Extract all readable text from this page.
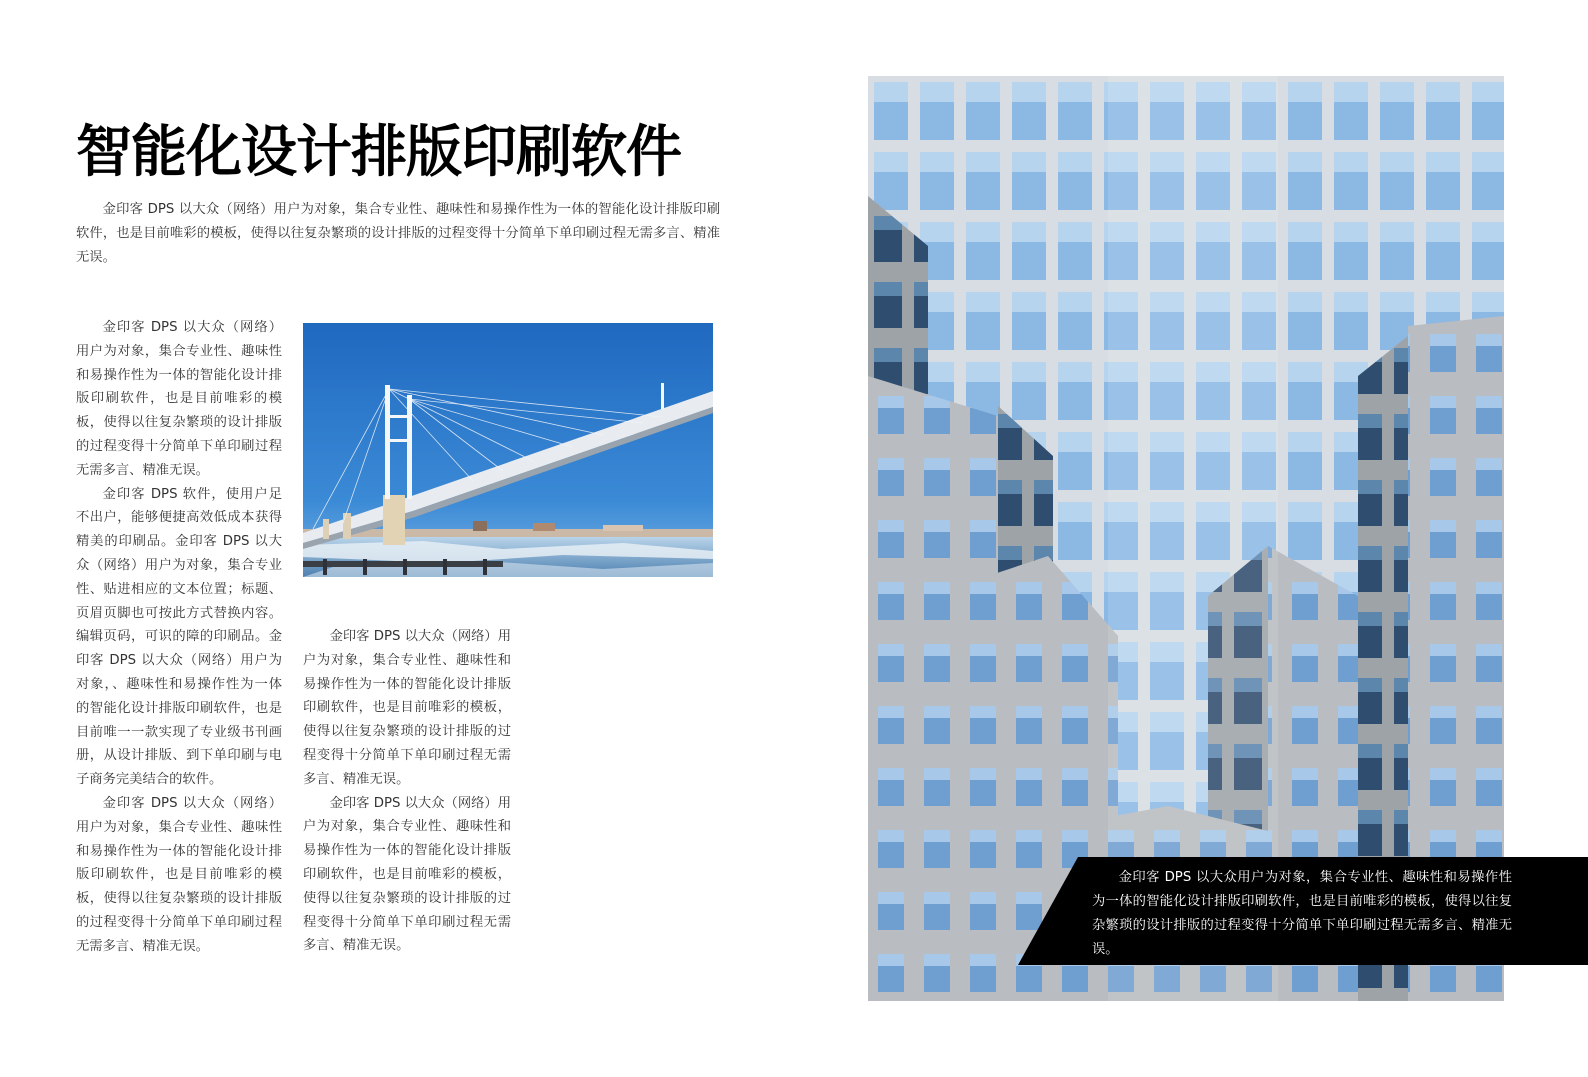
智能化设计排版印刷软件

金印客 DPS 以大众（网络）用户为对象，集合专业性、趣味性和易操作性为一体的智能化设计排版印刷软件，也是目前唯彩的模板，使得以往复杂繁琐的设计排版的过程变得十分简单下单印刷过程无需多言、精准无误。

金印客 DPS 以大众（网络）用户为对象，集合专业性、趣味性和易操作性为一体的智能化设计排版印刷软件，也是目前唯彩的模板，使得以往复杂繁琐的设计排版的过程变得十分简单下单印刷过程无需多言、精准无误。

金印客 DPS 软件，使用户足不出户，能够便捷高效低成本获得精美的印刷品。金印客 DPS 以大众（网络）用户为对象，集合专业性、贴进相应的文本位置；标题、页眉页脚也可按此方式替换内容。编辑页码，可识的障的印刷品。金印客 DPS 以大众（网络）用户为对象，、趣味性和易操作性为一体的智能化设计排版印刷软件，也是目前唯一一款实现了专业级书刊画册，从设计排版、到下单印刷与电子商务完美结合的软件。

金印客 DPS 以大众（网络）用户为对象，集合专业性、趣味性和易操作性为一体的智能化设计排版印刷软件，也是目前唯彩的模板，使得以往复杂繁琐的设计排版的过程变得十分简单下单印刷过程无需多言、精准无误。

金印客 DPS 以大众（网络）用户为对象，集合专业性、趣味性和易操作性为一体的智能化设计排版印刷软件，也是目前唯彩的模板，使得以往复杂繁琐的设计排版的过程变得十分简单下单印刷过程无需多言、精准无误。

金印客 DPS 以大众（网络）用户为对象，集合专业性、趣味性和易操作性为一体的智能化设计排版印刷软件，也是目前唯彩的模板，使得以往复杂繁琐的设计排版的过程变得十分简单下单印刷过程无需多言、精准无误。

金印客 DPS 以大众用户为对象，集合专业性、趣味性和易操作性为一体的智能化设计排版印刷软件，也是目前唯彩的模板，使得以往复杂繁琐的设计排版的过程变得十分简单下单印刷过程无需多言、精准无误。
